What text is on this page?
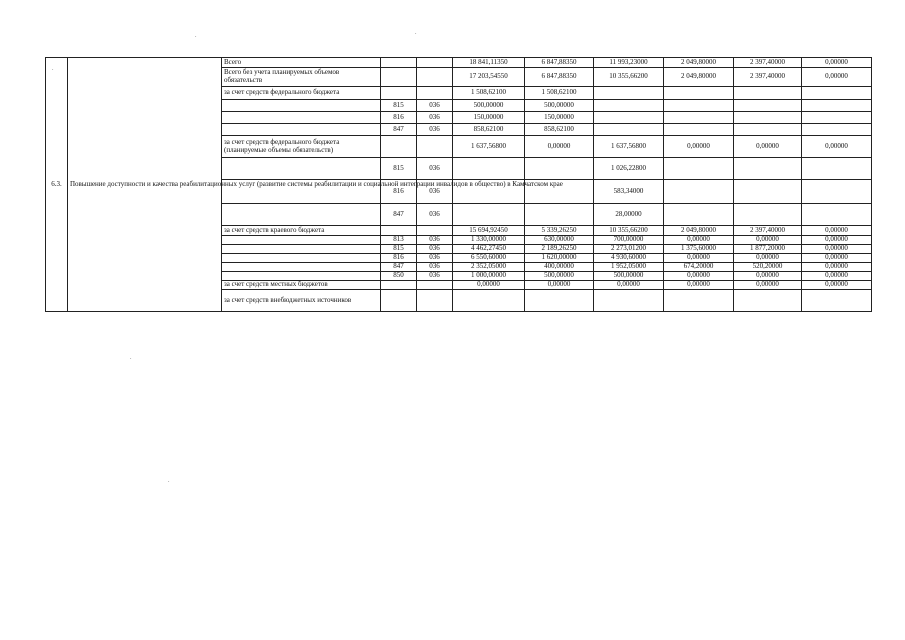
.
.
.
.
.
6.3.	Повышение доступности и качества реабилитационных услуг (развитие системы реабилитации и социальной интеграции инвалидов в общество) в Камчатском крае	Всего			18 841,11350	6 847,88350	11 993,23000	2 049,80000	2 397,40000	0,00000
		Всего без учета планируемых объемов обязательств			17 203,54550	6 847,88350	10 355,66200	2 049,80000	2 397,40000	0,00000
		за счет средств федерального бюджета			1 508,62100	1 508,62100				
			815	036	500,00000	500,00000				
			816	036	150,00000	150,00000				
			847	036	858,62100	858,62100				
		за счет средств федерального бюджета (планируемые объемы обязательств)			1 637,56800	0,00000	1 637,56800	0,00000	0,00000	0,00000
			815	036			1 026,22800			
			816	036			583,34000			
			847	036			28,00000			
		за счет средств краевого бюджета			15 694,92450	5 339,26250	10 355,66200	2 049,80000	2 397,40000	0,00000
			813	036	1 330,00000	630,00000	700,00000	0,00000	0,00000	0,00000
			815	036	4 462,27450	2 189,26250	2 273,01200	1 375,60000	1 877,20000	0,00000
			816	036	6 550,60000	1 620,00000	4 930,60000	0,00000	0,00000	0,00000
			847	036	2 352,05000	400,00000	1 952,05000	674,20000	520,20000	0,00000
			850	036	1 000,00000	500,00000	500,00000	0,00000	0,00000	0,00000
		за счет средств местных бюджетов			0,00000	0,00000	0,00000	0,00000	0,00000	0,00000
		за счет средств внебюджетных источников								
